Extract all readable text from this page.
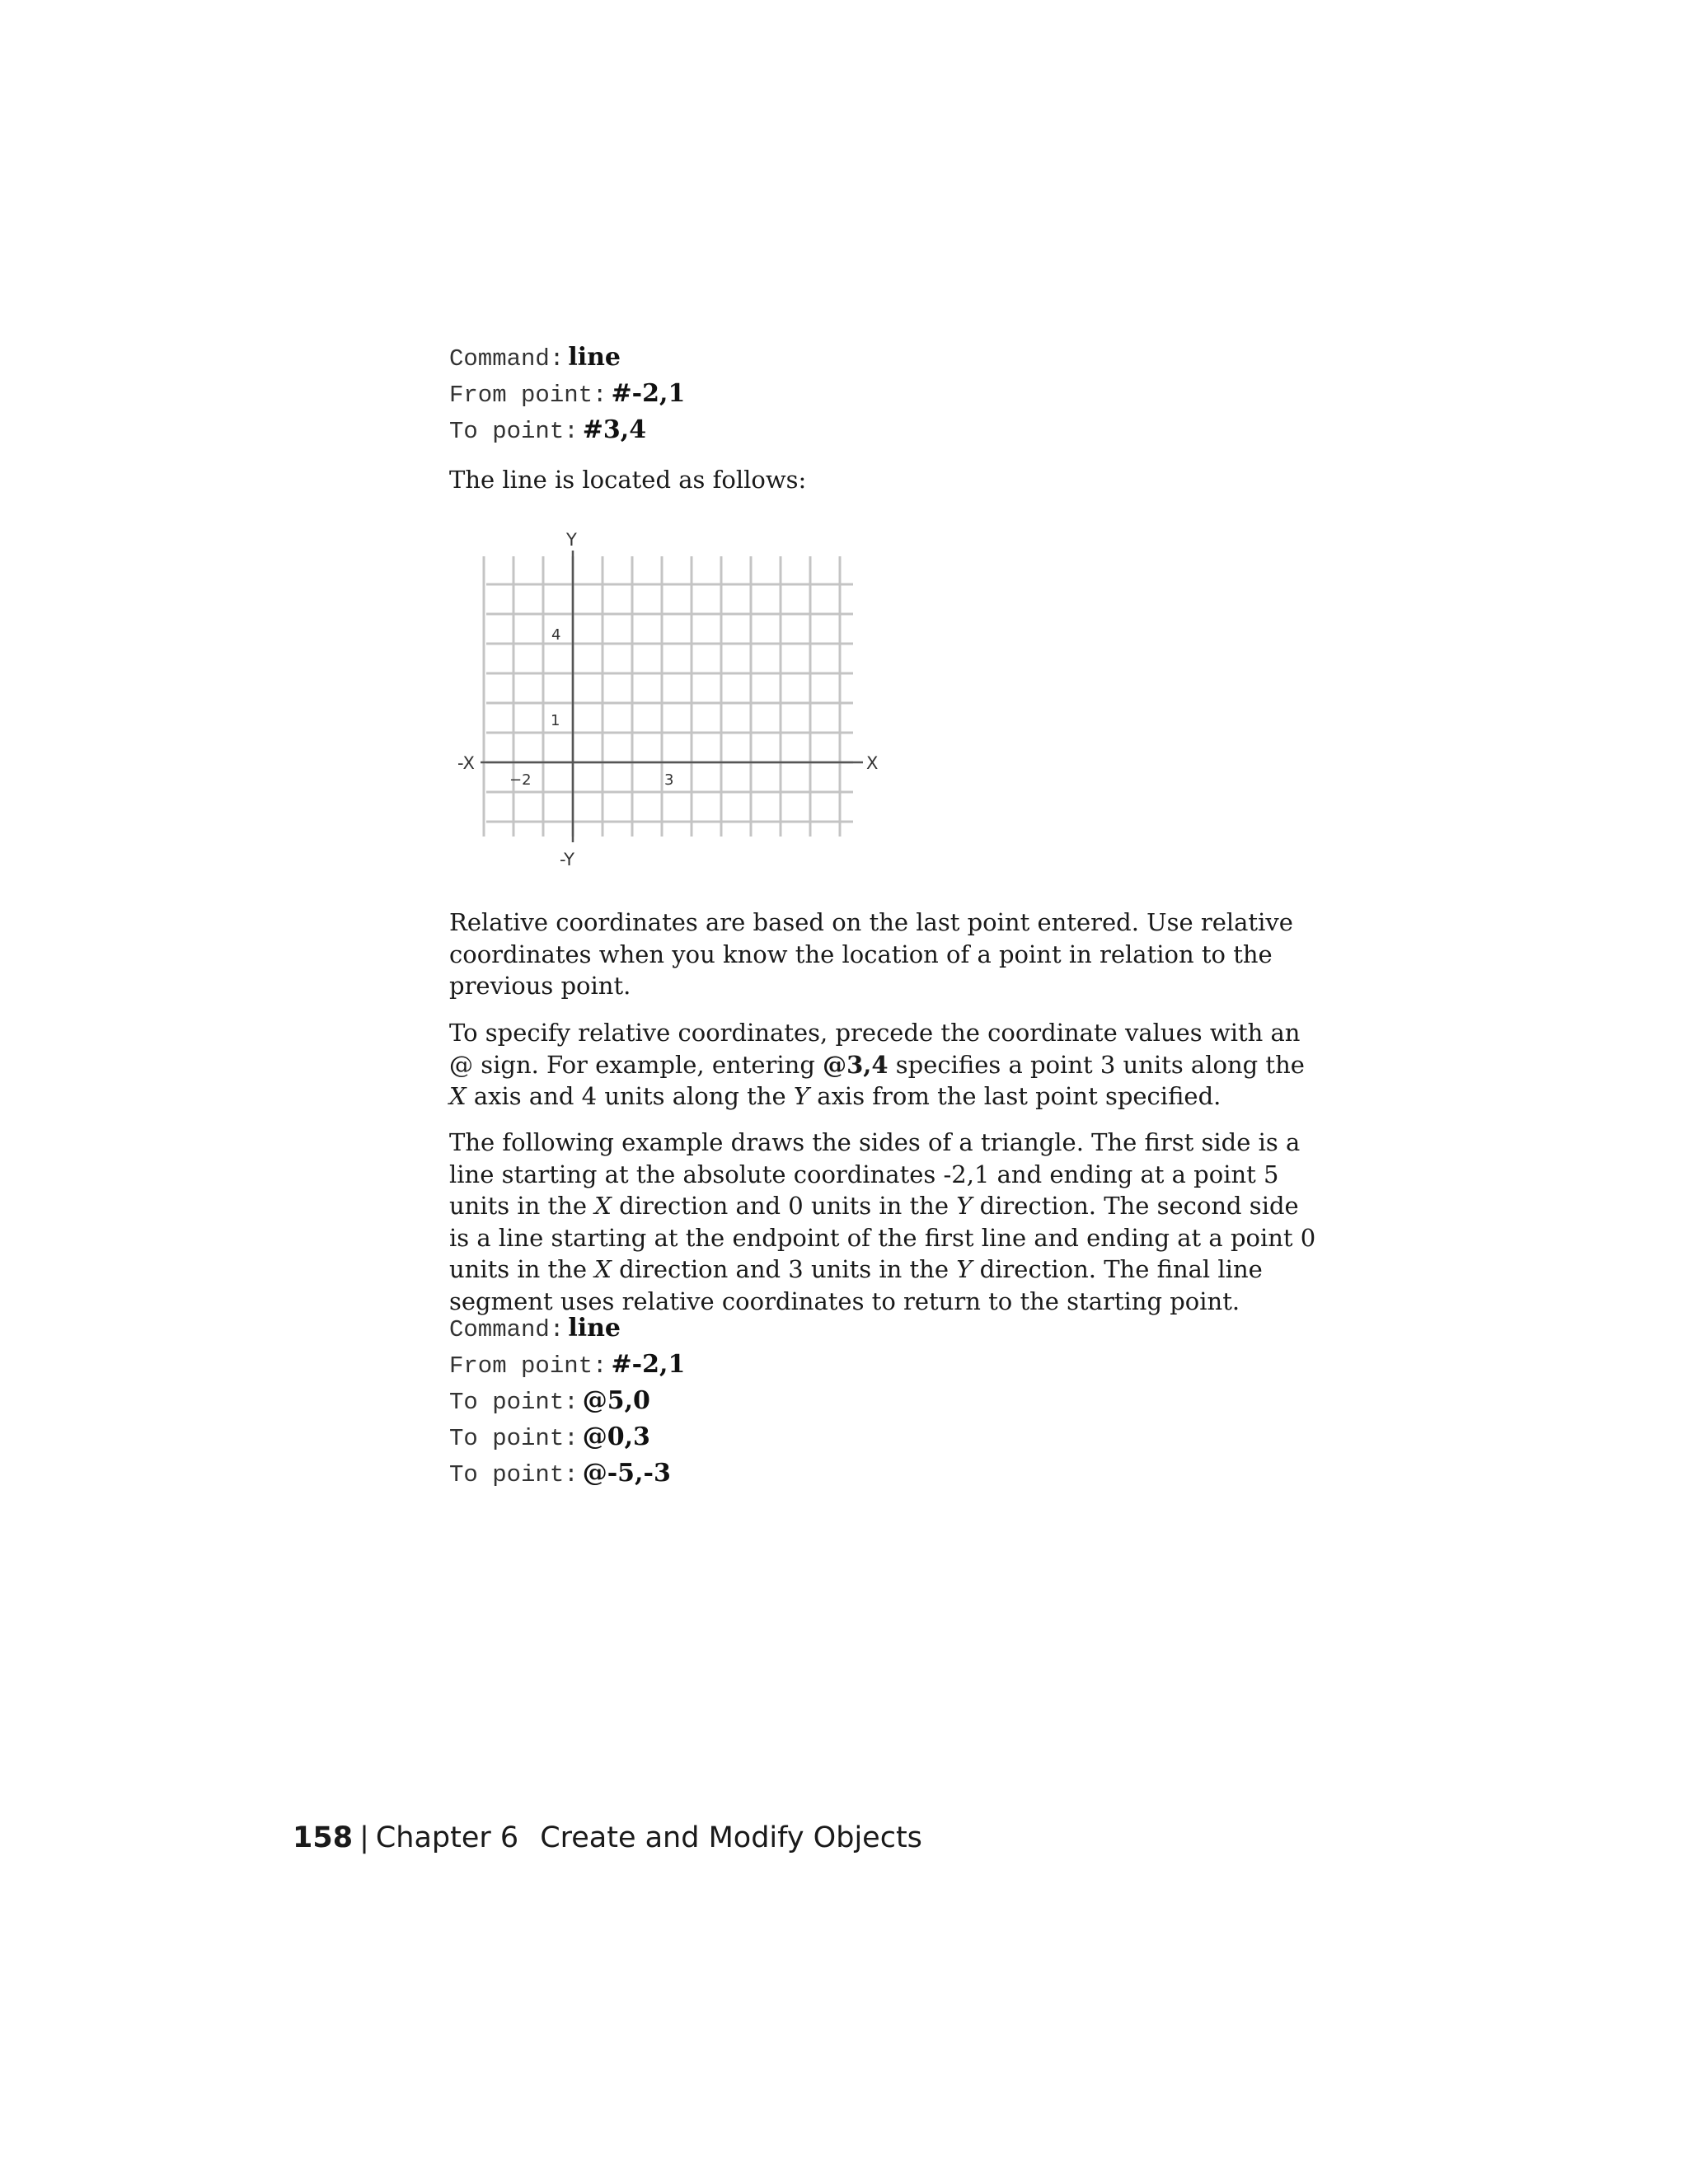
Command: line
From point: #-2,1
To point: #3,4

The line is located as follows:

Y
-Y
X
-X
−2	3
4
1

Relative coordinates are based on the last point entered. Use relative coordinates when you know the location of a point in relation to the previous point.

To specify relative coordinates, precede the coordinate values with an @ sign. For example, entering @3,4 specifies a point 3 units along the X axis and 4 units along the Y axis from the last point specified.

The following example draws the sides of a triangle. The first side is a line starting at the absolute coordinates -2,1 and ending at a point 5 units in the X direction and 0 units in the Y direction. The second side is a line starting at the endpoint of the first line and ending at a point 0 units in the X direction and 3 units in the Y direction. The final line segment uses relative coordinates to return to the starting point.

Command: line
From point: #-2,1
To point: @5,0
To point: @0,3
To point: @-5,-3
158 | Chapter 6 Create and Modify Objects
